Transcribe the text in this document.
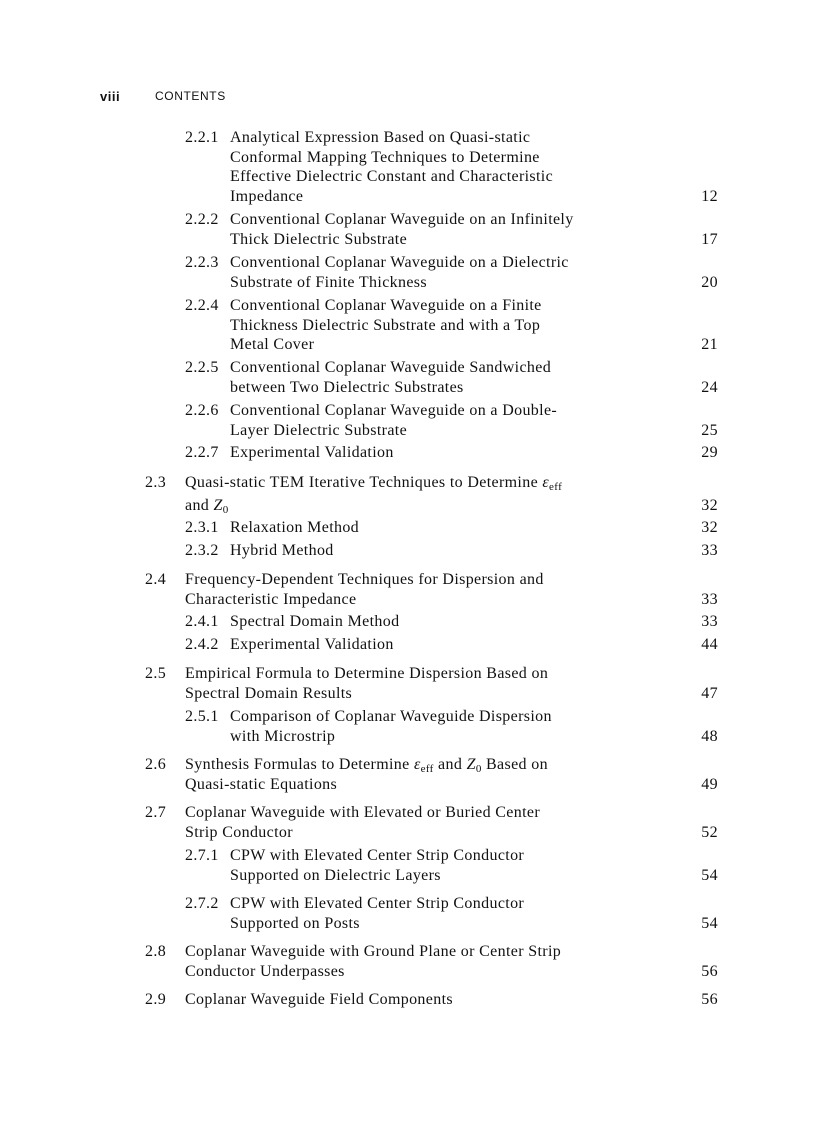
viii	CONTENTS
2.2.1 Analytical Expression Based on Quasi-static
Conformal Mapping Techniques to Determine
Effective Dielectric Constant and Characteristic
Impedance	12
2.2.2 Conventional Coplanar Waveguide on an Infinitely
Thick Dielectric Substrate	17
2.2.3 Conventional Coplanar Waveguide on a Dielectric
Substrate of Finite Thickness	20
2.2.4 Conventional Coplanar Waveguide on a Finite
Thickness Dielectric Substrate and with a Top
Metal Cover	21
2.2.5 Conventional Coplanar Waveguide Sandwiched
between Two Dielectric Substrates	24
2.2.6 Conventional Coplanar Waveguide on a Double-
Layer Dielectric Substrate	25
2.2.7 Experimental Validation	29
2.3 Quasi-static TEM Iterative Techniques to Determine $\varepsilon_{eff}$
and $Z_0$	32
2.3.1 Relaxation Method	32
2.3.2 Hybrid Method	33
2.4 Frequency-Dependent Techniques for Dispersion and
Characteristic Impedance	33
2.4.1 Spectral Domain Method	33
2.4.2 Experimental Validation	44
2.5 Empirical Formula to Determine Dispersion Based on
Spectral Domain Results	47
2.5.1 Comparison of Coplanar Waveguide Dispersion
with Microstrip	48
2.6 Synthesis Formulas to Determine $\varepsilon_{eff}$ and $Z_0$ Based on
Quasi-static Equations	49
2.7 Coplanar Waveguide with Elevated or Buried Center
Strip Conductor	52
2.7.1 CPW with Elevated Center Strip Conductor
Supported on Dielectric Layers	54
2.7.2 CPW with Elevated Center Strip Conductor
Supported on Posts	54
2.8 Coplanar Waveguide with Ground Plane or Center Strip
Conductor Underpasses	56
2.9 Coplanar Waveguide Field Components	56
